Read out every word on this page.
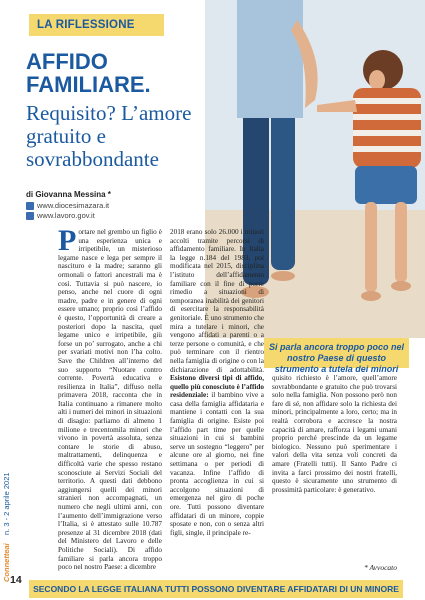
LA RIFLESSIONE
AFFIDO
FAMILIARE.
Requisito? L’amore gratuito e sovrabbondante
di Giovanna Messina *
www.diocesimazara.it
www.lavoro.gov.it

Portare nel grembo un figlio è una esperienza unica e irripetibile, un misterioso legame nasce e lega per sempre il nascituro e la madre; saranno gli ormonali o fattori ancestrali ma è così. Tuttavia si può nascere, io penso, anche nel cuore di ogni madre, padre e in genere di ogni essere umano; proprio così l’affido è questo, l’opportunità di creare a posteriori dopo la nascita, quel legame unico e irripetibile, giù forse un po’ surrogato, anche a chi per svariati motivi non l’ha colto. Save the Children all’interno del suo supporto “Nuotare contro corrente. Povertà educativa e resilienza in Italia”, diffuso nella primavera 2018, racconta che in Italia continuano a rimanere molto alti i numeri dei minori in situazioni di disagio: parliamo di almeno 1 milione e trecentomila minori che vivono in povertà assoluta, senza contare le storie di abuso, maltrattamenti, delinquenza e difficoltà varie che spesso restano sconosciute ai Servizi Sociali del territorio. A questi dati debbono aggiungersi quelli dei minori stranieri non accompagnati, un numero che negli ultimi anni, con l’aumento dell’immigrazione verso l’Italia, si è attestato sulle 10.787 presenze al 31 dicembre 2018 (dati del Ministero del Lavoro e delle Politiche Sociali). Di affido familiare si parla ancora troppo poco nel nostro Paese: a dicembre

2018 erano solo 26.000 i minori accolti tramite percorsi di affidamento familiare. In Italia la legge n.184 del 1983, poi modificata nel 2015, disciplina l’istituto dell’affidamento familiare con il fine di porre rimedio a situazioni di temporanea inabilità dei genitori di esercitare la responsabilità genitoriale. È uno strumento che mira a tutelare i minori, che vengono affidati a parenti o a terze persone o comunità, e che può terminare con il rientro nella famiglia di origine o con la dichiarazione di adottabilità. Esistono diversi tipi di affido, quello più conosciuto è l’affido residenziale: il bambino vive a casa della famiglia affidataria e mantiene i contatti con la sua famiglia di origine. Esiste poi l’affido part time per quelle situazioni in cui si bambini serve un sostegno “leggero” per alcune ore al giorno, nei fine settimana o per periodi di vacanza. Infine l’affido di pronta accoglienza in cui si accolgono situazioni di emergenza nel giro di poche ore. Tutti possono diventare affidatari di un minore, coppie sposate e non, con o senza altri figli, single, il principale re-

Si parla ancora troppo poco nel nostro Paese di questo strumento a tutela dei minori

quisito richiesto è l’amore, quell’amore sovrabbondante e gratuito che può trovarsi solo nella famiglia. Non possono però non fare di sé, non affidare solo la richiesta dei minori, principalmente a loro, certo; ma in realtà corrobora e accresce la nostra capacità di amare, rafforza i legami umani proprio perché prescinde da un legame biologico. Nessuno può sperimentare i valori della vita senza voli concreti da amare (Fratelli tutti). Il Santo Padre ci invita a farci prossimo dei nostri fratelli, questo è sicuramente uno strumento di prossimità particolare: è generativo.

* Avvocato
n. 3 - 2 aprile 2021
Connetteai 14
SECONDO LA LEGGE ITALIANA TUTTI POSSONO DIVENTARE AFFIDATARI DI UN MINORE
